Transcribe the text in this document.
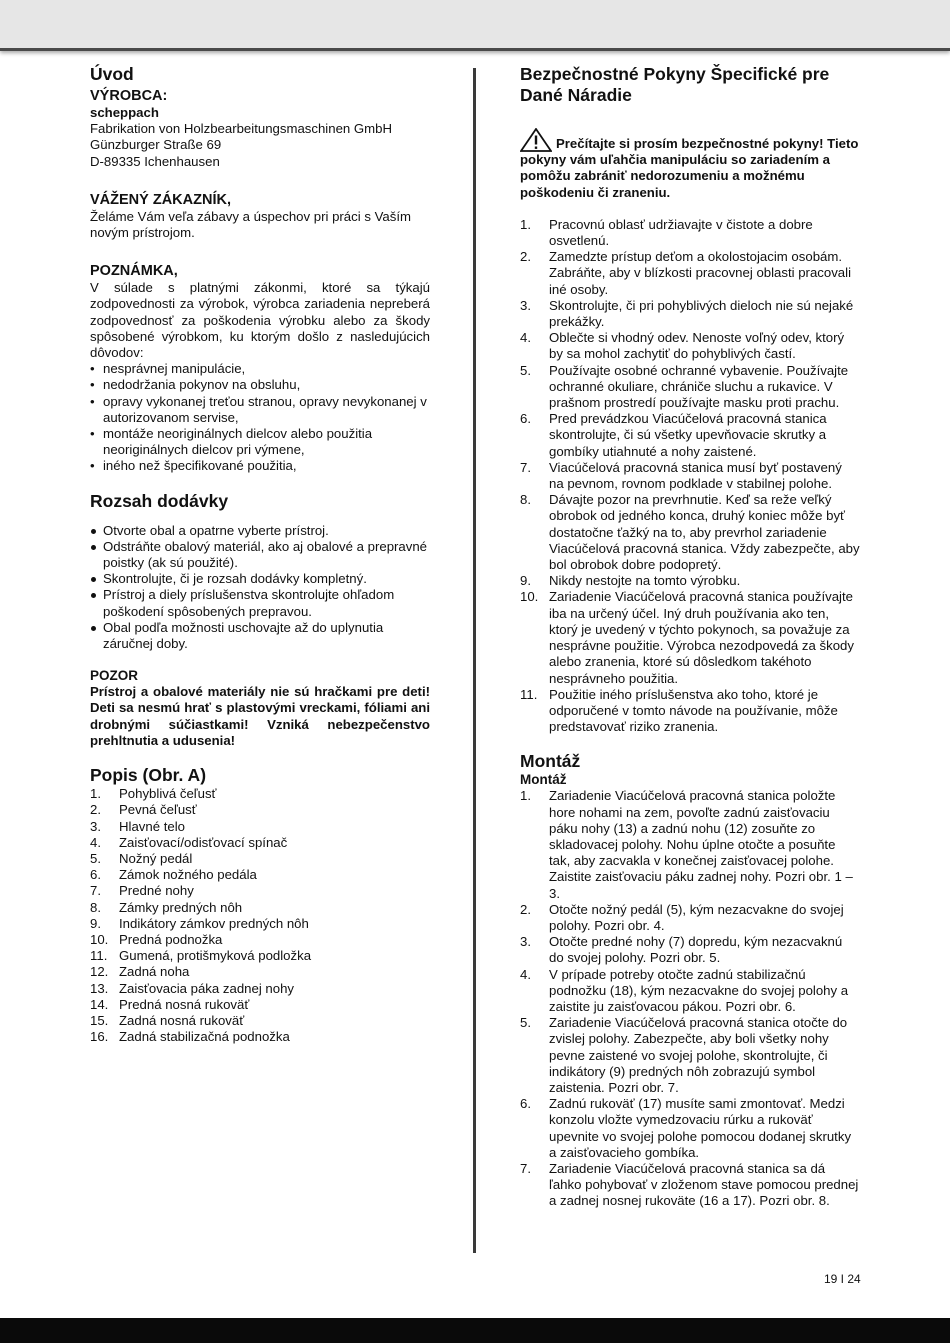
Úvod
VÝROBCA:

scheppach

Fabrikation von Holzbearbeitungsmaschinen GmbH

Günzburger Straße 69

D-89335 Ichenhausen

VÁŽENÝ ZÁKAZNÍK,

Želáme Vám veľa zábavy a úspechov pri práci s Vaším novým prístrojom.

POZNÁMKA,

V súlade s platnými zákonmi, ktoré sa týkajú zodpovednosti za výrobok, výrobca zariadenia nepreberá zodpovednosť za poškodenia výrobku alebo za škody spôsobené výrobkom, ku ktorým došlo z nasledujúcich dôvodov:

• nesprávnej manipulácie,
• nedodržania pokynov na obsluhu,
• opravy vykonanej treťou stranou, opravy nevykonanej v autorizovanom servise,
• montáže neoriginálnych dielcov alebo použitia neoriginálnych dielcov pri výmene,
• iného než špecifikované použitia,
Rozsah dodávky
Otvorte obal a opatrne vyberte prístroj.
Odstráňte obalový materiál, ako aj obalové a prepravné poistky (ak sú použité).
Skontrolujte, či je rozsah dodávky kompletný.
Prístroj a diely príslušenstva skontrolujte ohľadom poškodení spôsobených prepravou.
Obal podľa možnosti uschovajte až do uplynutia záručnej doby.
POZOR

Prístroj a obalové materiály nie sú hračkami pre deti! Deti sa nesmú hrať s plastovými vreckami, fóliami ani drobnými súčiastkami! Vzniká nebezpečenstvo prehltnutia a udusenia!

Popis (Obr. A)
1. Pohyblivá čeľusť
2. Pevná čeľusť
3. Hlavné telo
4. Zaisťovací/odisťovací spínač
5. Nožný pedál
6. Zámok nožného pedála
7. Predné nohy
8. Zámky predných nôh
9. Indikátory zámkov predných nôh
10. Predná podnožka
11. Gumená, protišmyková podložka
12. Zadná noha
13. Zaisťovacia páka zadnej nohy
14. Predná nosná rukoväť
15. Zadná nosná rukoväť
16. Zadná stabilizačná podnožka
Bezpečnostné Pokyny Špecifické pre Dané Náradie
Prečítajte si prosím bezpečnostné pokyny! Tieto pokyny vám uľahčia manipuláciu so zariadením a pomôžu zabrániť nedorozumeniu a možnému poškodeniu či zraneniu.
1. Pracovnú oblasť udržiavajte v čistote a dobre osvetlenú.
2. Zamedzte prístup deťom a okolostojacim osobám. Zabráňte, aby v blízkosti pracovnej oblasti pracovali iné osoby.
3. Skontrolujte, či pri pohyblivých dieloch nie sú nejaké prekážky.
4. Oblečte si vhodný odev. Nenoste voľný odev, ktorý by sa mohol zachytiť do pohyblivých častí.
5. Používajte osobné ochranné vybavenie. Používajte ochranné okuliare, chrániče sluchu a rukavice. V prašnom prostredí používajte masku proti prachu.
6. Pred prevádzkou Viacúčelová pracovná stanica skontrolujte, či sú všetky upevňovacie skrutky a gombíky utiahnuté a nohy zaistené.
7. Viacúčelová pracovná stanica musí byť postavený na pevnom, rovnom podklade v stabilnej polohe.
8. Dávajte pozor na prevrhnutie. Keď sa reže veľký obrobok od jedného konca, druhý koniec môže byť dostatočne ťažký na to, aby prevrhol zariadenie Viacúčelová pracovná stanica. Vždy zabezpečte, aby bol obrobok dobre podopretý.
9. Nikdy nestojte na tomto výrobku.
10. Zariadenie Viacúčelová pracovná stanica používajte iba na určený účel. Iný druh používania ako ten, ktorý je uvedený v týchto pokynoch, sa považuje za nesprávne použitie. Výrobca nezodpovedá za škody alebo zranenia, ktoré sú dôsledkom takéhoto nesprávneho použitia.
11. Použitie iného príslušenstva ako toho, ktoré je odporučené v tomto návode na používanie, môže predstavovať riziko zranenia.
Montáž
Montáž
1. Zariadenie Viacúčelová pracovná stanica položte hore nohami na zem, povoľte zadnú zaisťovaciu páku nohy (13) a zadnú nohu (12) zosuňte zo skladovacej polohy. Nohu úplne otočte a posuňte tak, aby zacvakla v konečnej zaisťovacej polohe. Zaistite zaisťovaciu páku zadnej nohy. Pozri obr. 1 – 3.
2. Otočte nožný pedál (5), kým nezacvakne do svojej polohy. Pozri obr. 4.
3. Otočte predné nohy (7) dopredu, kým nezacvaknú do svojej polohy. Pozri obr. 5.
4. V prípade potreby otočte zadnú stabilizačnú podnožku (18), kým nezacvakne do svojej polohy a zaistite ju zaisťovacou pákou. Pozri obr. 6.
5. Zariadenie Viacúčelová pracovná stanica otočte do zvislej polohy. Zabezpečte, aby boli všetky nohy pevne zaistené vo svojej polohe, skontrolujte, či indikátory (9) predných nôh zobrazujú symbol zaistenia. Pozri obr. 7.
6. Zadnú rukoväť (17) musíte sami zmontovať. Medzi konzolu vložte vymedzovaciu rúrku a rukoväť upevnite vo svojej polohe pomocou dodanej skrutky a zaisťovacieho gombíka.
7. Zariadenie Viacúčelová pracovná stanica sa dá ľahko pohybovať v zloženom stave pomocou prednej a zadnej nosnej rukoväte (16 a 17). Pozri obr. 8.
19 I 24
